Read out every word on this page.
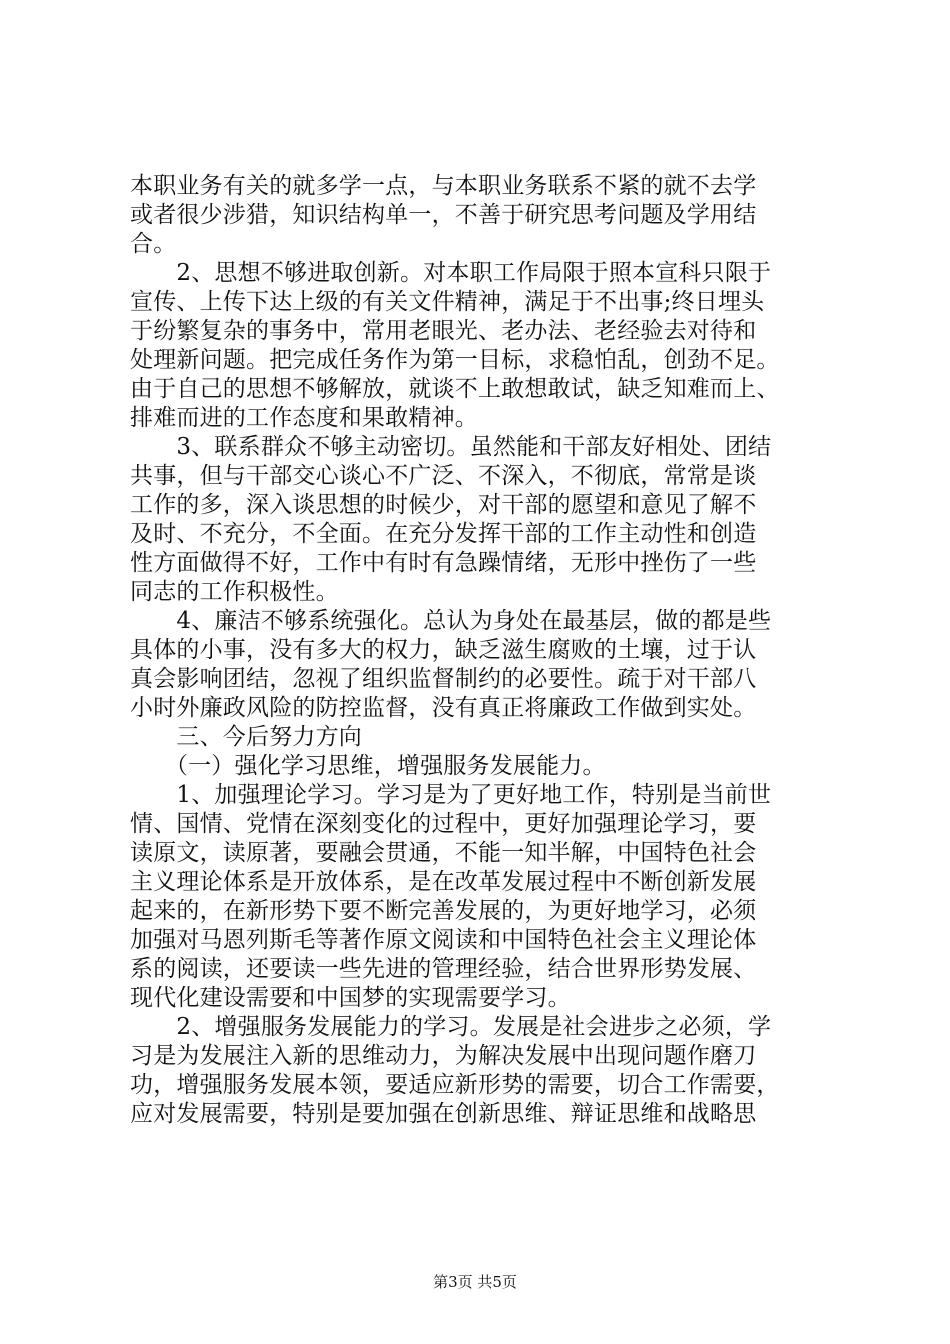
本职业务有关的就多学一点，与本职业务联系不紧的就不去学
或者很少涉猎，知识结构单一，不善于研究思考问题及学用结
合。
　　2、思想不够进取创新。对本职工作局限于照本宣科只限于
宣传、上传下达上级的有关文件精神，满足于不出事;终日埋头
于纷繁复杂的事务中，常用老眼光、老办法、老经验去对待和
处理新问题。把完成任务作为第一目标，求稳怕乱，创劲不足。
由于自己的思想不够解放，就谈不上敢想敢试，缺乏知难而上、
排难而进的工作态度和果敢精神。
　　3、联系群众不够主动密切。虽然能和干部友好相处、团结
共事，但与干部交心谈心不广泛、不深入，不彻底，常常是谈
工作的多，深入谈思想的时候少，对干部的愿望和意见了解不
及时、不充分，不全面。在充分发挥干部的工作主动性和创造
性方面做得不好，工作中有时有急躁情绪，无形中挫伤了一些
同志的工作积极性。
　　4、廉洁不够系统强化。总认为身处在最基层，做的都是些
具体的小事，没有多大的权力，缺乏滋生腐败的土壤，过于认
真会影响团结，忽视了组织监督制约的必要性。疏于对干部八
小时外廉政风险的防控监督，没有真正将廉政工作做到实处。
　　三、今后努力方向
　　（一）强化学习思维，增强服务发展能力。
　　1、加强理论学习。学习是为了更好地工作，特别是当前世
情、国情、党情在深刻变化的过程中，更好加强理论学习，要
读原文，读原著，要融会贯通，不能一知半解，中国特色社会
主义理论体系是开放体系，是在改革发展过程中不断创新发展
起来的，在新形势下要不断完善发展的，为更好地学习，必须
加强对马恩列斯毛等著作原文阅读和中国特色社会主义理论体
系的阅读，还要读一些先进的管理经验，结合世界形势发展、
现代化建设需要和中国梦的实现需要学习。
　　2、增强服务发展能力的学习。发展是社会进步之必须，学
习是为发展注入新的思维动力，为解决发展中出现问题作磨刀
功，增强服务发展本领，要适应新形势的需要，切合工作需要，
应对发展需要，特别是要加强在创新思维、辩证思维和战略思
第3页 共5页
